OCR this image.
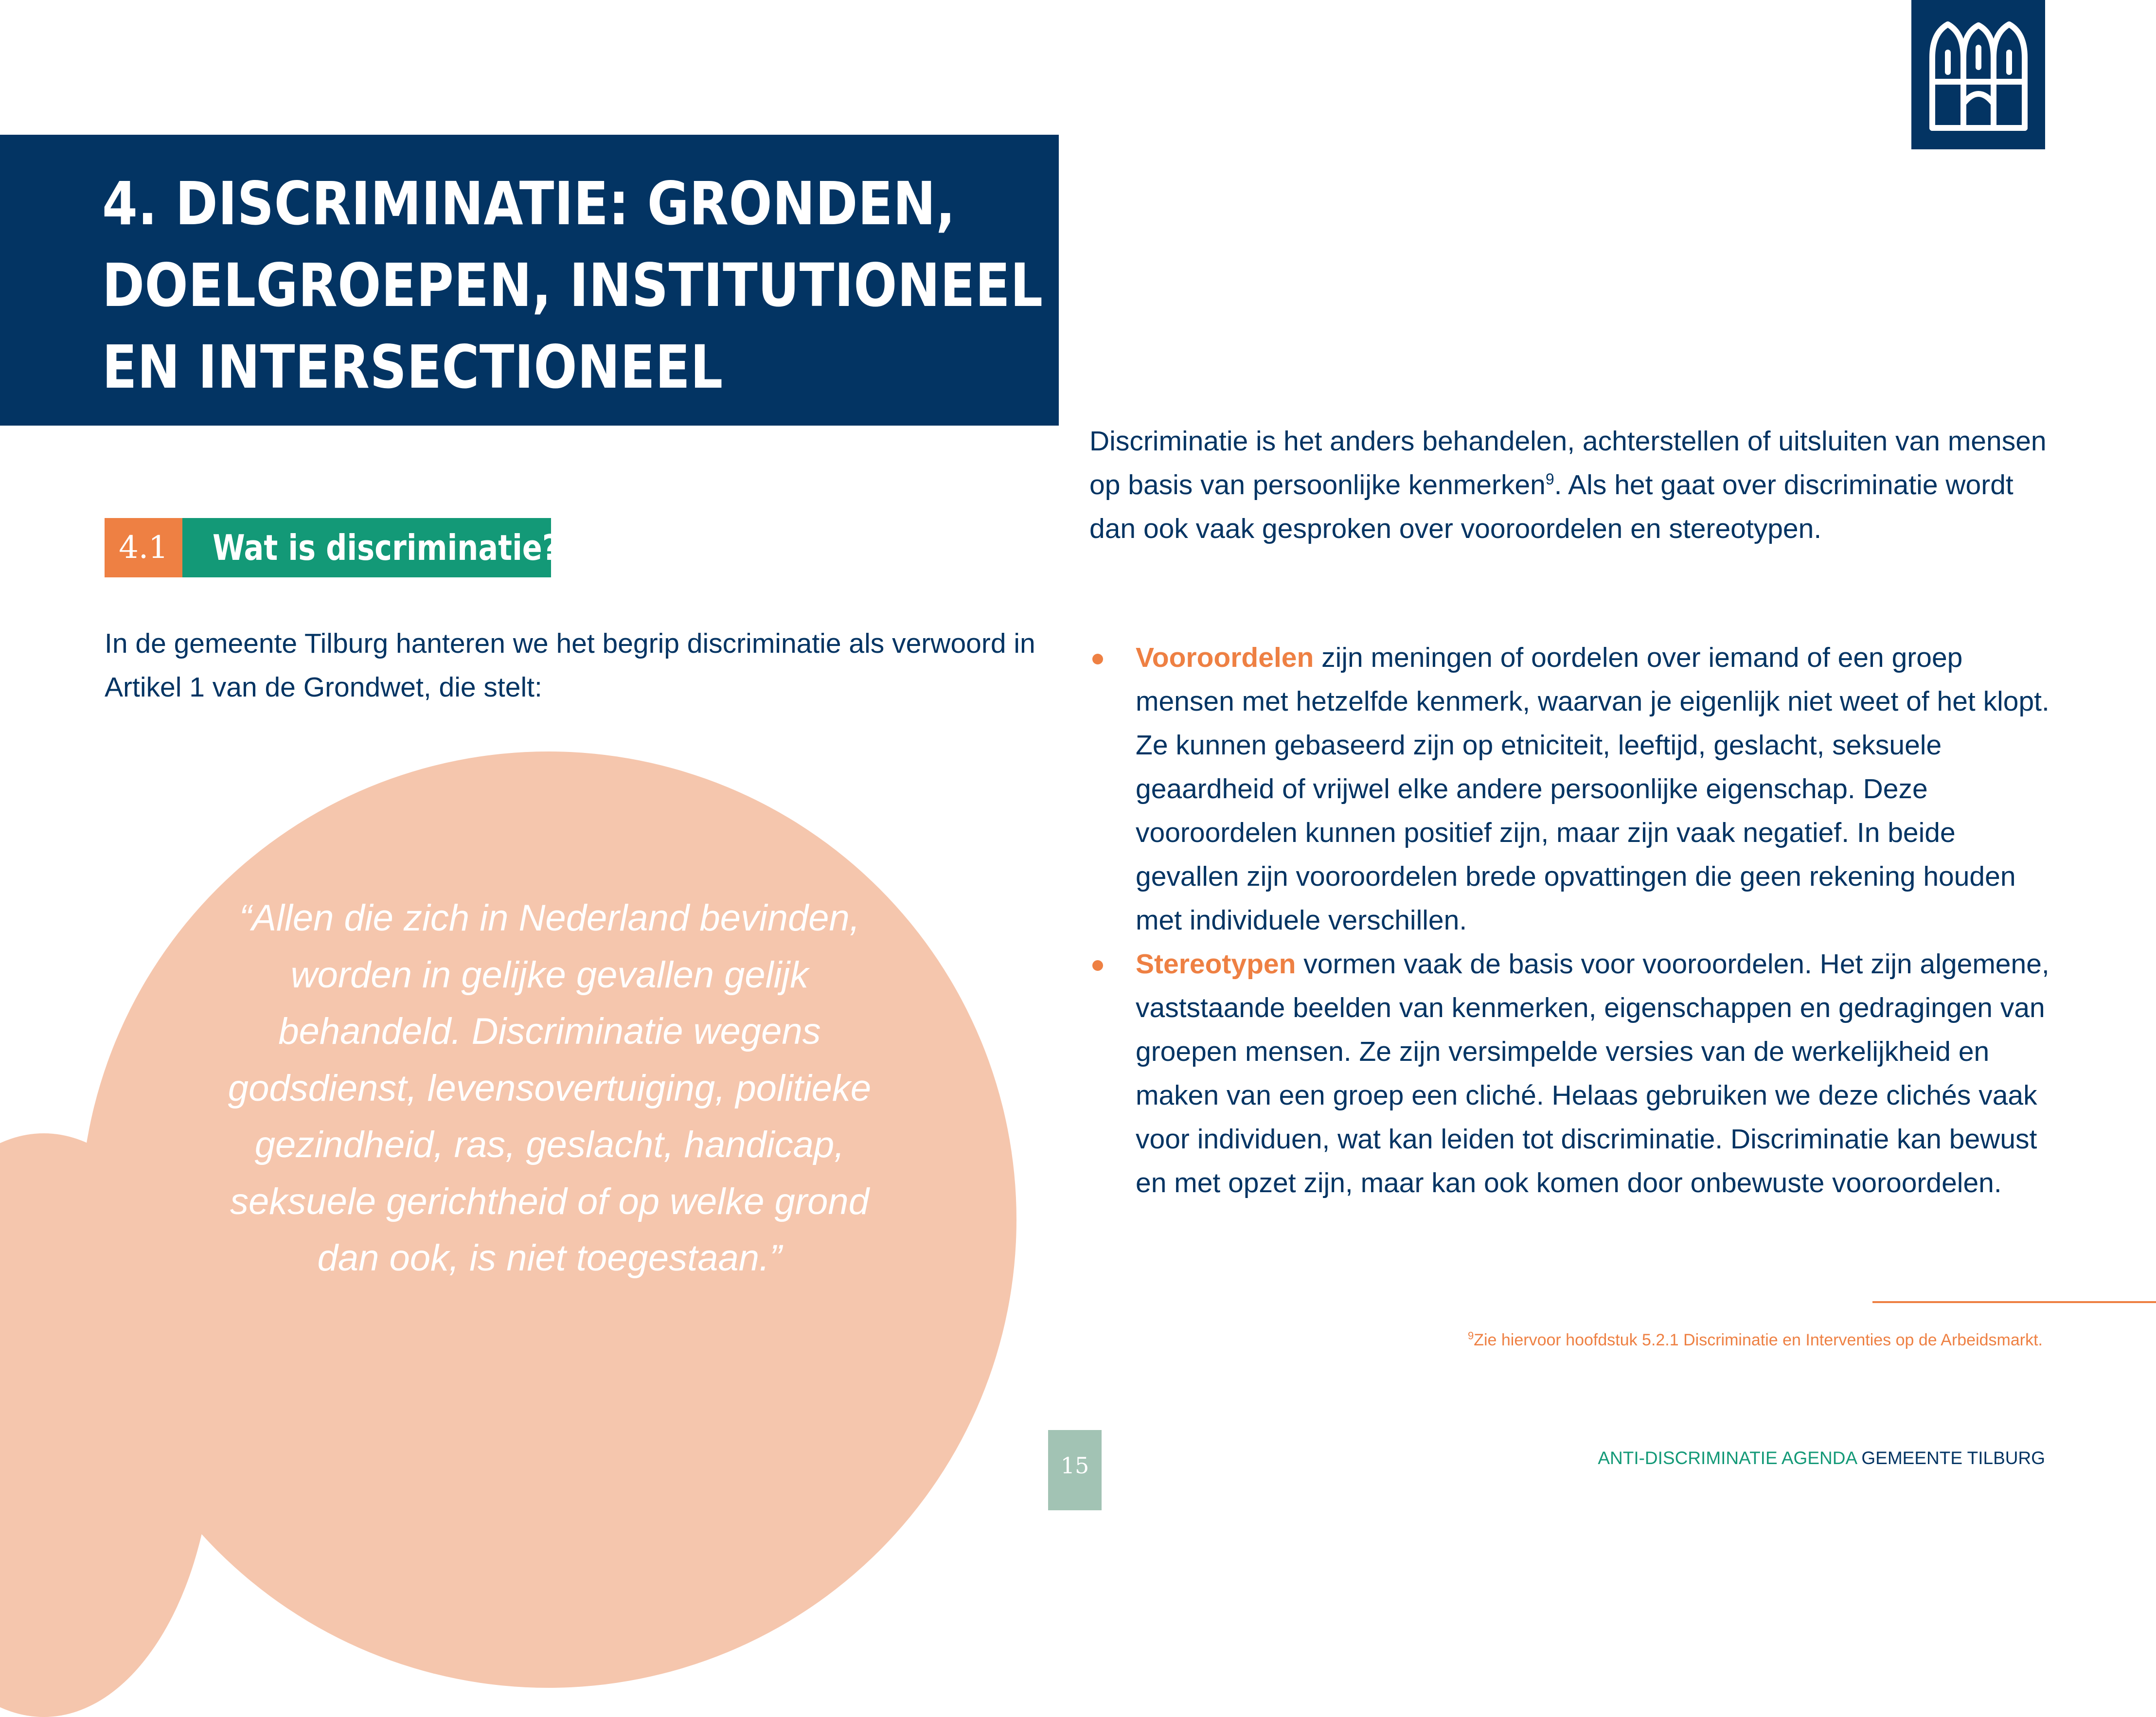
4. DISCRIMINATIE: GRONDEN,
DOELGROEPEN, INSTITUTIONEEL
EN INTERSECTIONEEL
4.1	Wat is discriminatie?
In de gemeente Tilburg hanteren we het begrip discriminatie als verwoord in Artikel 1 van de Grondwet, die stelt:
“Allen die zich in Nederland bevinden, worden in gelijke gevallen gelijk behandeld. Discriminatie wegens godsdienst, levensovertuiging, politieke gezindheid, ras, geslacht, handicap, seksuele gerichtheid of op welke grond dan ook, is niet toegestaan.”
Discriminatie is het anders behandelen, achterstellen of uitsluiten van mensen op basis van persoonlijke kenmerken$^9$. Als het gaat over discriminatie wordt dan ook vaak gesproken over vooroordelen en stereotypen.
Vooroordelen zijn meningen of oordelen over iemand of een groep mensen met hetzelfde kenmerk, waarvan je eigenlijk niet weet of het klopt. Ze kunnen gebaseerd zijn op etniciteit, leeftijd, geslacht, seksuele geaardheid of vrijwel elke andere persoonlijke eigenschap. Deze vooroordelen kunnen positief zijn, maar zijn vaak negatief. In beide gevallen zijn vooroordelen brede opvattingen die geen rekening houden met individuele verschillen.
Stereotypen vormen vaak de basis voor vooroordelen. Het zijn algemene, vaststaande beelden van kenmerken, eigenschappen en gedragingen van groepen mensen. Ze zijn versimpelde versies van de werkelijkheid en maken van een groep een cliché. Helaas gebruiken we deze clichés vaak voor individuen, wat kan leiden tot discriminatie. Discriminatie kan bewust en met opzet zijn, maar kan ook komen door onbewuste vooroordelen.
$^9$Zie hiervoor hoofdstuk 5.2.1 Discriminatie en Interventies op de Arbeidsmarkt.
15	ANTI-DISCRIMINATIE AGENDA GEMEENTE TILBURG
